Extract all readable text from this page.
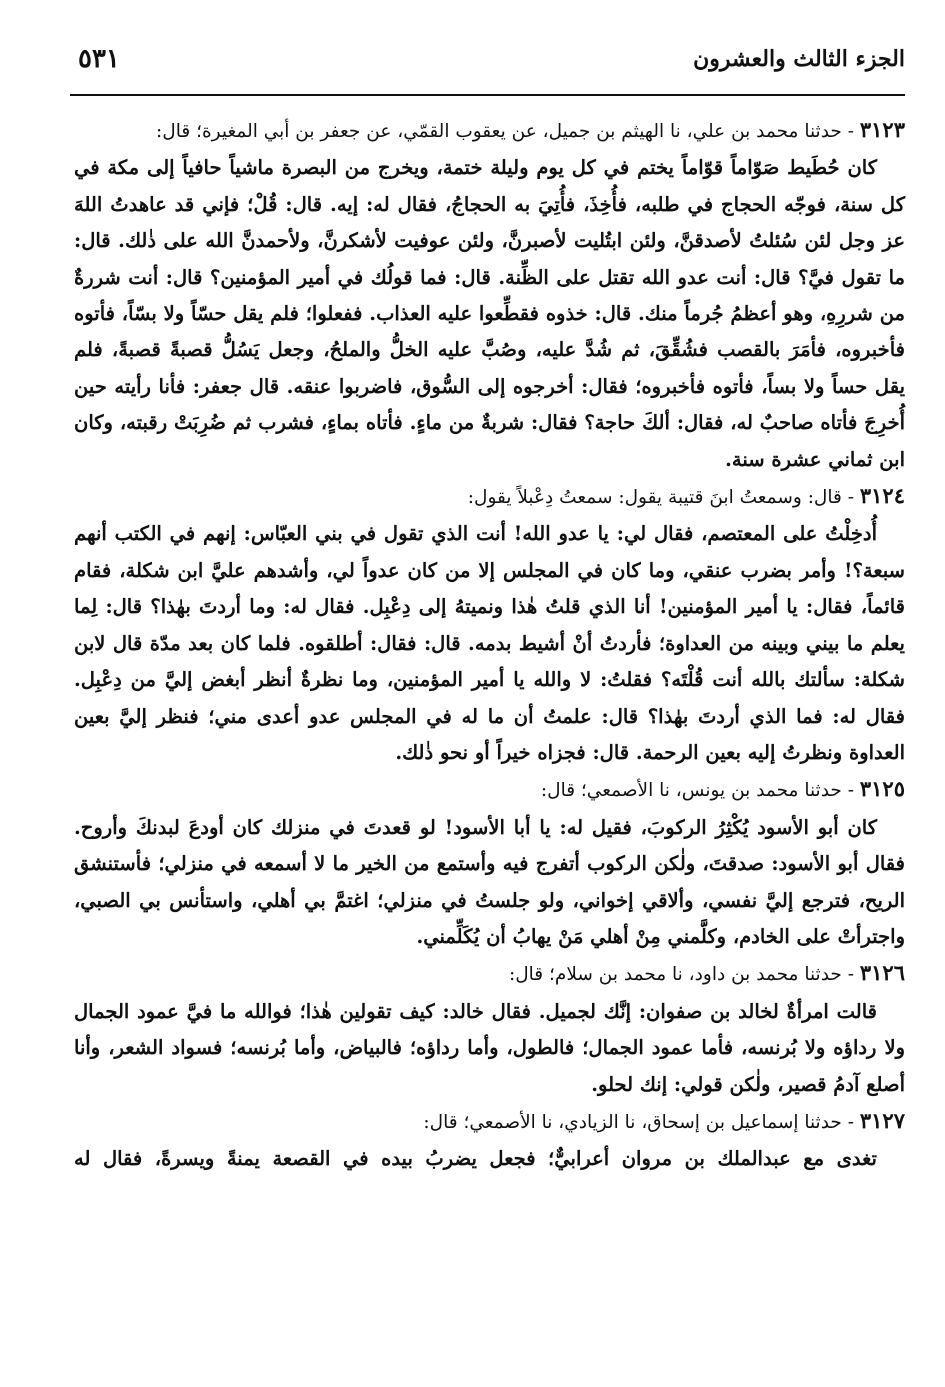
الجزء الثالث والعشرون
٥٣١

٣١٢٣ - حدثنا محمد بن علي، نا الهيثم بن جميل، عن يعقوب القمّي، عن جعفر بن أبي المغيرة؛ قال:

كان حُطَيط صَوّاماً قوّاماً يختم في كل يوم وليلة ختمة، ويخرج من البصرة ماشياً حافياً إلى مكة في كل سنة، فوجّه الحجاج في طلبه، فأُخِذَ، فأُتِيَ به الحجاجُ، فقال له: إيه. قال: قُلْ؛ فإني قد عاهدتُ اللهَ عز وجل لئن سُئلتُ لأصدقنَّ، ولئن ابتُليت لأصبرنَّ، ولئن عوفيت لأشكرنَّ، ولأحمدنَّ الله على ذٰلك. قال: ما تقول فيَّ؟ قال: أنت عدو الله تقتل على الظِّنة. قال: فما قولُك في أمير المؤمنين؟ قال: أنت شررةٌ من شررِهِ، وهو أعظمُ جُرماً منك. قال: خذوه فقطِّعوا عليه العذاب. ففعلوا؛ فلم يقل حسّاً ولا بسّاً، فأتوه فأخبروه، فأمَرَ بالقصب فشُقِّقَ، ثم شُدَّ عليه، وصُبَّ عليه الخلُّ والملحُ، وجعل يَسُلُّ قصبةً قصبةً، فلم يقل حساً ولا بساً، فأتوه فأخبروه؛ فقال: أخرجوه إلى السُّوق، فاضربوا عنقه. قال جعفر: فأنا رأيته حين أُخرِجَ فأتاه صاحبٌ له، فقال: ألكَ حاجة؟ فقال: شربةٌ من ماءٍ. فأتاه بماءٍ، فشرب ثم ضُرِبَتْ رقبته، وكان ابن ثماني عشرة سنة.

٣١٢٤ - قال: وسمعتُ ابنَ قتيبة يقول: سمعتُ دِعْبلاً يقول:

أُدخِلْتُ على المعتصم، فقال لي: يا عدو الله! أنت الذي تقول في بني العبّاس: إنهم في الكتب أنهم سبعة؟! وأمر بضرب عنقي، وما كان في المجلس إلا من كان عدواً لي، وأشدهم عليَّ ابن شكلة، فقام قائماً، فقال: يا أمير المؤمنين! أنا الذي قلتُ هٰذا ونميتهُ إلى دِعْبِل. فقال له: وما أردتَ بهٰذا؟ قال: لِما يعلم ما بيني وبينه من العداوة؛ فأردتُ أنْ أشيط بدمه. قال: فقال: أطلقوه. فلما كان بعد مدّة قال لابن شكلة: سألتك بالله أنت قُلْتَه؟ فقلتُ: لا والله يا أمير المؤمنين، وما نظرةٌ أنظر أبغض إليَّ من دِعْبِل. فقال له: فما الذي أردتَ بهٰذا؟ قال: علمتُ أن ما له في المجلس عدو أعدى مني؛ فنظر إليَّ بعين العداوة ونظرتُ إليه بعين الرحمة. قال: فجزاه خيراً أو نحو ذٰلك.

٣١٢٥ - حدثنا محمد بن يونس، نا الأصمعي؛ قال:

كان أبو الأسود يُكْثِرُ الركوبَ، فقيل له: يا أبا الأسود! لو قعدتَ في منزلك كان أودعَ لبدنكَ وأروح. فقال أبو الأسود: صدقتَ، ولٰكن الركوب أتفرج فيه وأستمع من الخير ما لا أسمعه في منزلي؛ فأستنشق الريح، فترجع إليَّ نفسي، وألاقي إخواني، ولو جلستُ في منزلي؛ اغتمَّ بي أهلي، واستأنس بي الصبي، واجترأتْ على الخادم، وكلَّمني مِنْ أهلي مَنْ يهابُ أن يُكَلِّمني.

٣١٢٦ - حدثنا محمد بن داود، نا محمد بن سلام؛ قال:

قالت امرأةٌ لخالد بن صفوان: إنَّك لجميل. فقال خالد: كيف تقولين هٰذا؛ فوالله ما فيَّ عمود الجمال ولا رداؤه ولا بُرنسه، فأما عمود الجمال؛ فالطول، وأما رداؤه؛ فالبياض، وأما بُرنسه؛ فسواد الشعر، وأنا أصلع آدمُ قصير، ولٰكن قولي: إنك لحلو.

٣١٢٧ - حدثنا إسماعيل بن إسحاق، نا الزيادي، نا الأصمعي؛ قال:

تغدى مع عبدالملك بن مروان أعرابيٌّ؛ فجعل يضربُ بيده في القصعة يمنةً ويسرةً، فقال له
